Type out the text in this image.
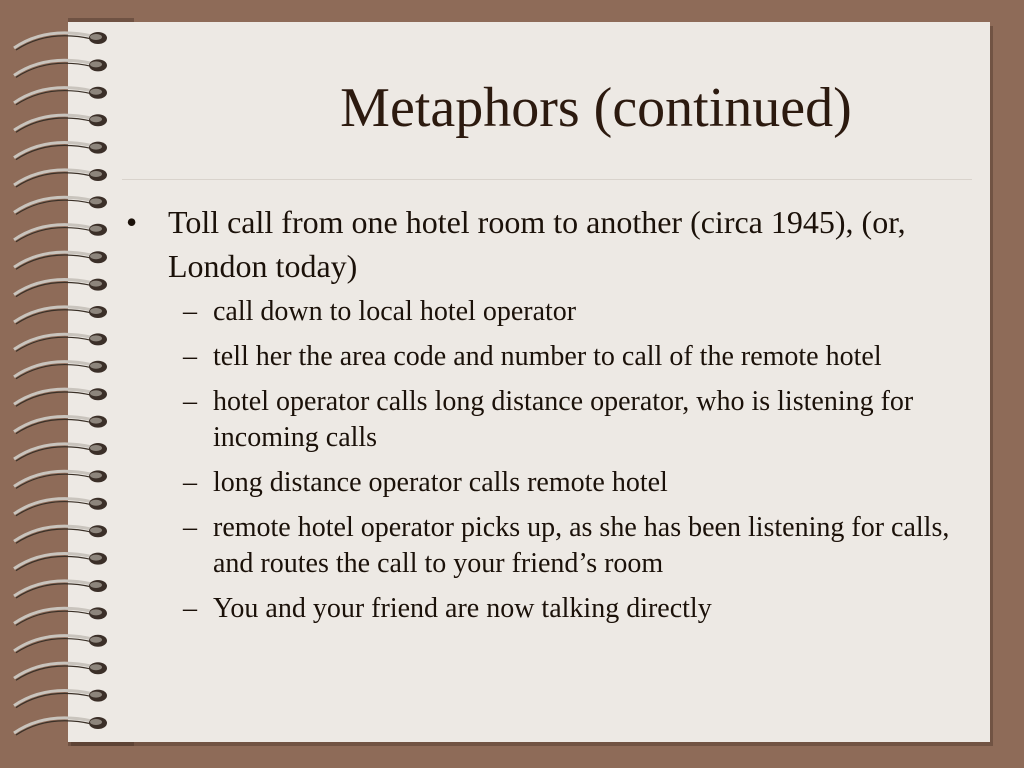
Metaphors (continued)
• Toll call from one hotel room to another (circa 1945), (or, London today)
– call down to local hotel operator
– tell her the area code and number to call of the remote hotel
– hotel operator calls long distance operator, who is listening for incoming calls
– long distance operator calls remote hotel
– remote hotel operator picks up, as she has been listening for calls, and routes the call to your friend’s room
– You and your friend are now talking directly
